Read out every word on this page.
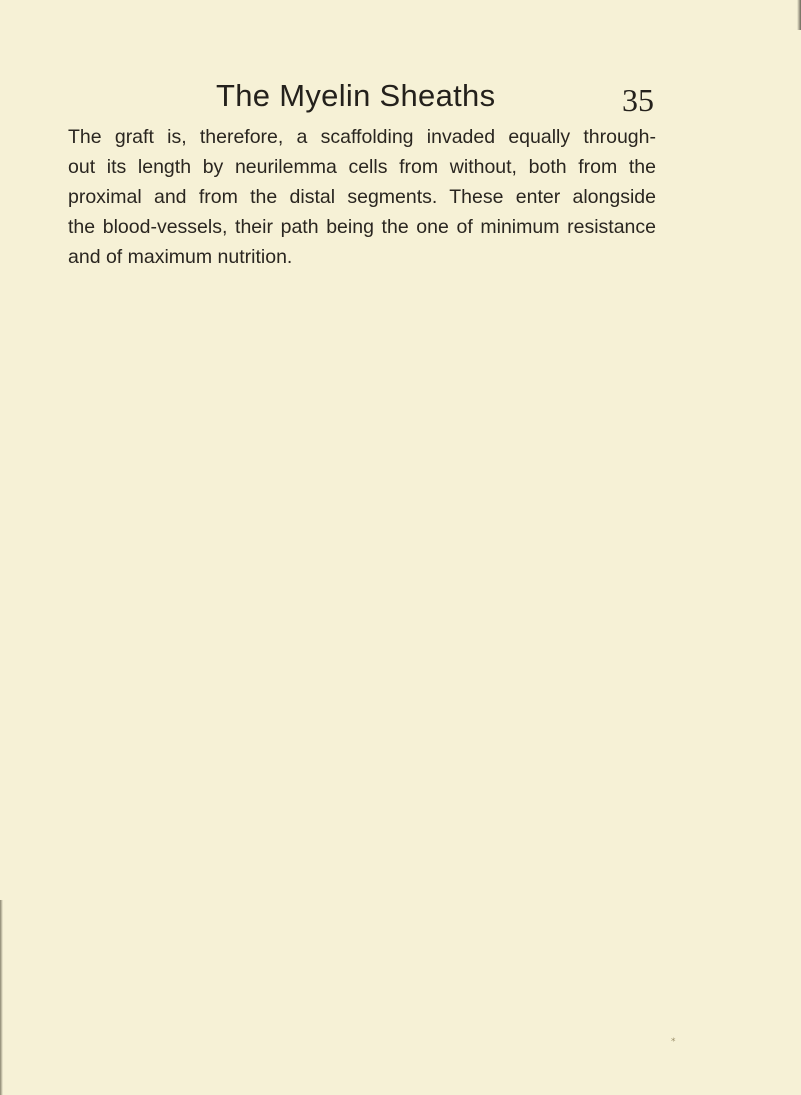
The Myelin Sheaths	35
The graft is, therefore, a scaffolding invaded equally through-
out its length by neurilemma cells from without, both from the
proximal and from the distal segments. These enter alongside
the blood-vessels, their path being the one of minimum resistance
and of maximum nutrition.
*
